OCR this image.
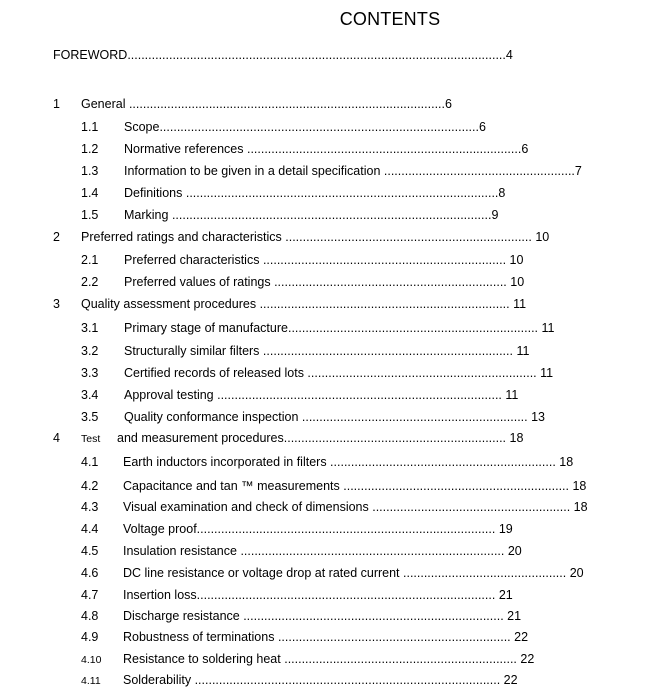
CONTENTS
FOREWORD.............................................................................................................4
1 General ...........................................................................................6
1.1 Scope............................................................................................6
1.2 Normative references ...............................................................................6
1.3 Information to be given in a detail specification .......................................................7
1.4 Definitions ..........................................................................................8
1.5 Marking ............................................................................................9
2 Preferred ratings and characteristics ....................................................................... 10
2.1 Preferred characteristics ...................................................................... 10
2.2 Preferred values of ratings ................................................................... 10
3 Quality assessment procedures ........................................................................ 11
3.1 Primary stage of manufacture........................................................................ 11
3.2 Structurally similar filters ........................................................................ 11
3.3 Certified records of released lots .................................................................. 11
3.4 Approval testing .................................................................................. 11
3.5 Quality conformance inspection ................................................................. 13
4 Test and measurement procedures................................................................ 18
4.1 Earth inductors incorporated in filters ................................................................. 18
4.2 Capacitance and tan ™ measurements ................................................................. 18
4.3 Visual examination and check of dimensions ......................................................... 18
4.4 Voltage proof...................................................................................... 19
4.5 Insulation resistance ............................................................................ 20
4.6 DC line resistance or voltage drop at rated current ............................................... 20
4.7 Insertion loss...................................................................................... 21
4.8 Discharge resistance ........................................................................... 21
4.9 Robustness of terminations ................................................................... 22
4.10 Resistance to soldering heat ................................................................... 22
4.11 Solderability ........................................................................................ 22
